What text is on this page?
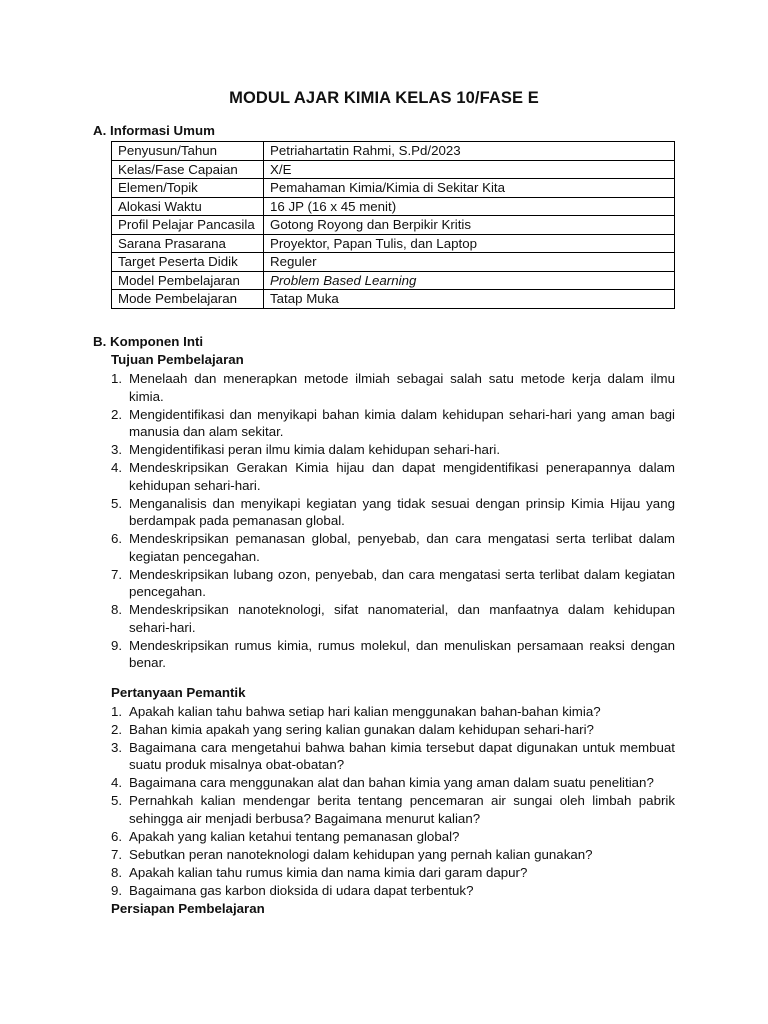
MODUL AJAR KIMIA KELAS 10/FASE E
A. Informasi Umum
Penyusun/Tahun	Petriahartatin Rahmi, S.Pd/2023
Kelas/Fase Capaian	X/E
Elemen/Topik	Pemahaman Kimia/Kimia di Sekitar Kita
Alokasi Waktu	16 JP (16 x 45 menit)
Profil Pelajar Pancasila	Gotong Royong dan Berpikir Kritis
Sarana Prasarana	Proyektor, Papan Tulis, dan Laptop
Target Peserta Didik	Reguler
Model Pembelajaran	Problem Based Learning
Mode Pembelajaran	Tatap Muka
B. Komponen Inti
Tujuan Pembelajaran
1. Menelaah dan menerapkan metode ilmiah sebagai salah satu metode kerja dalam ilmu kimia.
2. Mengidentifikasi dan menyikapi bahan kimia dalam kehidupan sehari-hari yang aman bagi manusia dan alam sekitar.
3. Mengidentifikasi peran ilmu kimia dalam kehidupan sehari-hari.
4. Mendeskripsikan Gerakan Kimia hijau dan dapat mengidentifikasi penerapannya dalam kehidupan sehari-hari.
5. Menganalisis dan menyikapi kegiatan yang tidak sesuai dengan prinsip Kimia Hijau yang berdampak pada pemanasan global.
6. Mendeskripsikan pemanasan global, penyebab, dan cara mengatasi serta terlibat dalam kegiatan pencegahan.
7. Mendeskripsikan lubang ozon, penyebab, dan cara mengatasi serta terlibat dalam kegiatan pencegahan.
8. Mendeskripsikan nanoteknologi, sifat nanomaterial, dan manfaatnya dalam kehidupan sehari-hari.
9. Mendeskripsikan rumus kimia, rumus molekul, dan menuliskan persamaan reaksi dengan benar.
Pertanyaan Pemantik
1. Apakah kalian tahu bahwa setiap hari kalian menggunakan bahan-bahan kimia?
2. Bahan kimia apakah yang sering kalian gunakan dalam kehidupan sehari-hari?
3. Bagaimana cara mengetahui bahwa bahan kimia tersebut dapat digunakan untuk membuat suatu produk misalnya obat-obatan?
4. Bagaimana cara menggunakan alat dan bahan kimia yang aman dalam suatu penelitian?
5. Pernahkah kalian mendengar berita tentang pencemaran air sungai oleh limbah pabrik sehingga air menjadi berbusa? Bagaimana menurut kalian?
6. Apakah yang kalian ketahui tentang pemanasan global?
7. Sebutkan peran nanoteknologi dalam kehidupan yang pernah kalian gunakan?
8. Apakah kalian tahu rumus kimia dan nama kimia dari garam dapur?
9. Bagaimana gas karbon dioksida di udara dapat terbentuk?
Persiapan Pembelajaran
